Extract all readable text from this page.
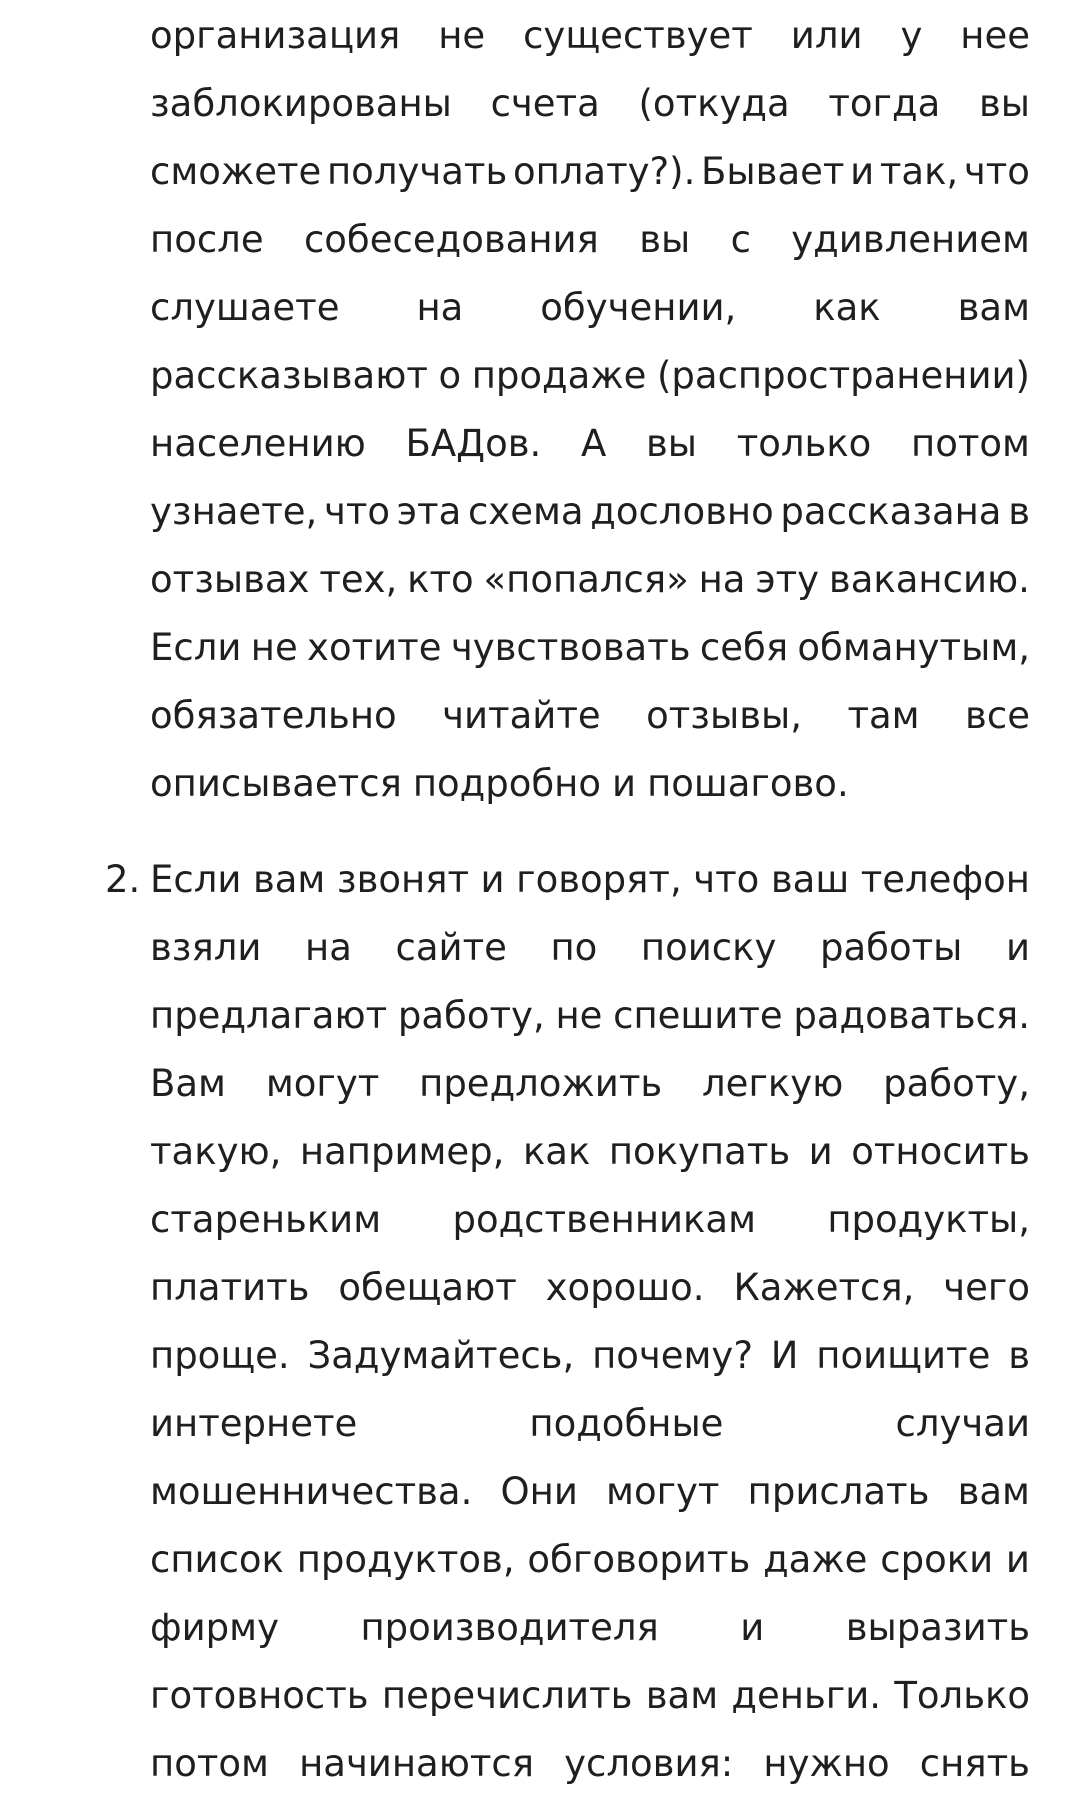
организация не существует или у нее
заблокированы счета (откуда тогда вы
сможете получать оплату?). Бывает и так, что
после собеседования вы с удивлением
слушаете на обучении, как вам
рассказывают о продаже (распространении)
населению БАДов. А вы только потом
узнаете, что эта схема дословно рассказана в
отзывах тех, кто «попался» на эту вакансию.
Если не хотите чувствовать себя обманутым,
обязательно читайте отзывы, там все
описывается подробно и пошагово.
2. Если вам звонят и говорят, что ваш телефон
взяли на сайте по поиску работы и
предлагают работу, не спешите радоваться.
Вам могут предложить легкую работу,
такую, например, как покупать и относить
стареньким родственникам продукты,
платить обещают хорошо. Кажется, чего
проще. Задумайтесь, почему? И поищите в
интернете	подобные	случаи
мошенничества. Они могут прислать вам
список продуктов, обговорить даже сроки и
фирму производителя и выразить
готовность перечислить вам деньги. Только
потом начинаются условия: нужно снять
